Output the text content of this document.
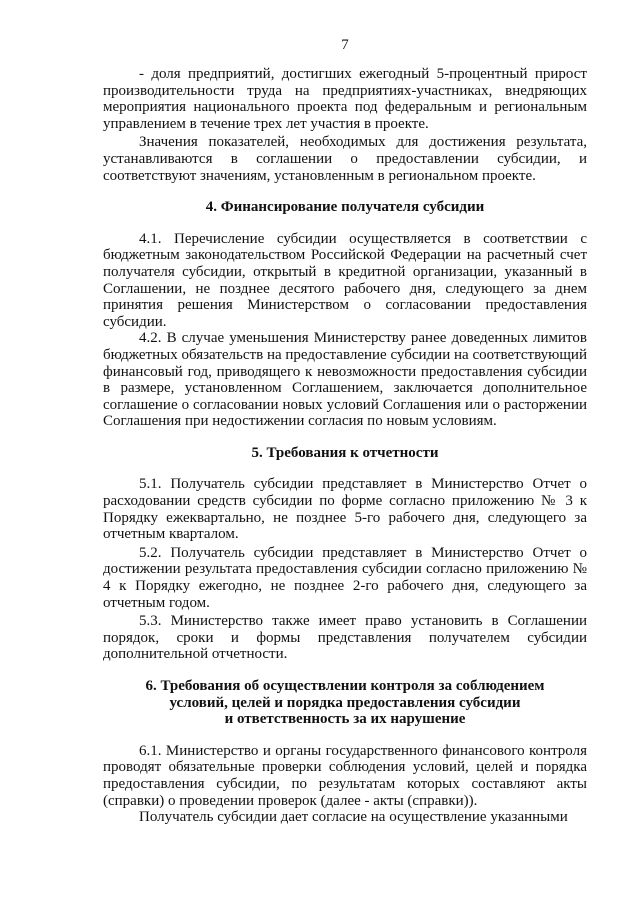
7

- доля предприятий, достигших ежегодный 5-процентный прирост производительности труда на предприятиях-участниках, внедряющих мероприятия национального проекта под федеральным и региональным управлением в течение трех лет участия в проекте.

Значения показателей, необходимых для достижения результата, устанавливаются в соглашении о предоставлении субсидии, и соответствуют значениям, установленным в региональном проекте.

4. Финансирование получателя субсидии

4.1. Перечисление субсидии осуществляется в соответствии с бюджетным законодательством Российской Федерации на расчетный счет получателя субсидии, открытый в кредитной организации, указанный в Соглашении, не позднее десятого рабочего дня, следующего за днем принятия решения Министерством о согласовании предоставления субсидии.

4.2. В случае уменьшения Министерству ранее доведенных лимитов бюджетных обязательств на предоставление субсидии на соответствующий финансовый год, приводящего к невозможности предоставления субсидии в размере, установленном Соглашением, заключается дополнительное соглашение о согласовании новых условий Соглашения или о расторжении Соглашения при недостижении согласия по новым условиям.

5. Требования к отчетности

5.1. Получатель субсидии представляет в Министерство Отчет о расходовании средств субсидии по форме согласно приложению № 3 к Порядку ежеквартально, не позднее 5-го рабочего дня, следующего за отчетным кварталом.

5.2. Получатель субсидии представляет в Министерство Отчет о достижении результата предоставления субсидии согласно приложению № 4 к Порядку ежегодно, не позднее 2-го рабочего дня, следующего за отчетным годом.

5.3. Министерство также имеет право установить в Соглашении порядок, сроки и формы представления получателем субсидии дополнительной отчетности.

6. Требования об осуществлении контроля за соблюдением
условий, целей и порядка предоставления субсидии
и ответственность за их нарушение

6.1. Министерство и органы государственного финансового контроля проводят обязательные проверки соблюдения условий, целей и порядка предоставления субсидии, по результатам которых составляют акты (справки) о проведении проверок (далее - акты (справки)).

Получатель субсидии дает согласие на осуществление указанными
